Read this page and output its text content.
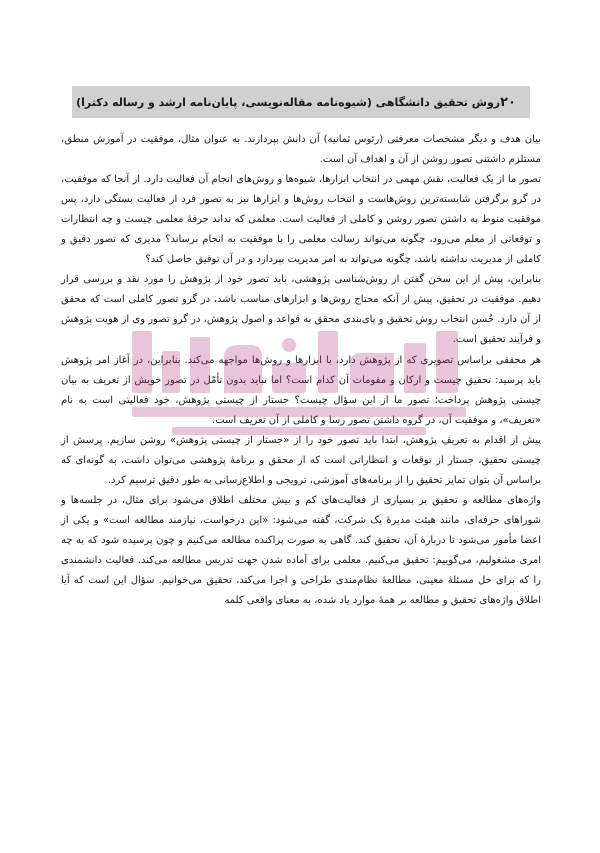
۲۰
روش تحقیق دانشگاهی (شیوه‌نامه مقاله‌نویسی، پایان‌نامه ارشد و رساله دکترا)

بیان هدف و دیگر مشخصات معرفتی (رئوس ثمانیه) آن دانش بپردازند. به عنوان مثال، موفقیت در آموزش منطق، مستلزم داشتنی تصور روشن از آن و اهداف آن است.

تصور ما از یک فعالیت، نقش مهمی در انتخاب ابزارها، شیوه‌ها و روش‌های انجام آن فعالیت دارد. از آنجا که موفقیت، در گرو برگرفتن شایسته‌ترین روش‌هاست و انتخاب روش‌ها و ابزارها نیز به تصور فرد از فعالیت بستگی دارد، پس موفقیت منوط به داشتن تصور روشن و کاملی از فعالیت است. معلمی که نداند حرفهٔ معلمی چیست و چه انتظارات و توقعاتی از معلم می‌رود، چگونه می‌تواند رسالت معلمی را با موفقیت به انجام برساند؟ مدیری که تصور دقیق و کاملی از مدیریت نداشته باشد، چگونه می‌تواند به امر مدیریت بپردازد و در آن توفیق حاصل کند؟

بنابراین، پیش از این سخن گفتن از روش‌شناسی پژوهشی، باید تصور خود از پژوهش را مورد نقد و بررسی قرار دهیم. موفقیت در تحقیق، پیش از آنکه محتاج روش‌ها و ابزارهای مناسب باشد، در گرو تصور کاملی است که محقق از آن دارد. حُسن انتخاب روش تحقیق و پای‌بندی محقق به قواعد و اصول پژوهش، در گرو تصور وی از هویت پژوهش و فرآیند تحقیق است.

هر محققی براساس تصویری که از پژوهش دارد، با ابزارها و روش‌ها مواجهه می‌کند. بنابراین، در آغاز امر پژوهش باید پرسید: تحقیق چیست و ارکان و مقومات آن کدام است؟ اما نباید بدون تأمّل در تصور خویش از تعریف به بیان چیستی پژوهش پرداخت؛ تصور ما از این سؤال چیست؟ جستار از چیستی پژوهش، خود فعالیتی است به نام «تعریف»، و موفقیت آن، در گروه داشتن تصور رسا و کاملی از آن تعریف است.

پیش از اقدام به تعریفِ پژوهش، ابتدا باید تصور خود را از «جستار از چیستی پژوهش» روشن سازیم. پرسش از چیستی تحقیق، جستار از توقعات و انتظاراتی است که از محقق و برنامهٔ پژوهشی می‌توان داشت، به گونه‌ای که براساس آن بتوان تمایز تحقیق را از برنامه‌های آموزشی، ترویجی و اطلاع‌رسانی به طور دقیق ترسیم کرد.

واژه‌های مطالعه و تحقیق بر بسیاری از فعالیت‌های کم و بیش مختلف اطلاق می‌شود برای مثال، در جلسه‌ها و شوراهای حرفه‌ای، مانند هیئت مدیرهٔ یک شرکت، گفته می‌شود: «این درخواست، نیازمند مطالعه است» و یکی از اعضا مأمور می‌شود تا دربارهٔ آن، تحقیق کند. گاهی به صورت پراکنده مطالعه می‌کنیم و چون پرسیده شود که به چه امری مشغولیم، می‌گوییم: تحقیق می‌کنیم. معلمی برای آماده شدن جهت تدریس مطالعه می‌کند. فعالیت دانشمندی را که برای حل مسئلهٔ معینی، مطالعهٔ نظام‌مندی طراحی و اجرا می‌کند، تحقیق می‌خوانیم. سؤال این است که آیا اطلاق واژه‌های تحقیق و مطالعه بر همهٔ موارد یاد شده، به معنای واقعی کلمه
